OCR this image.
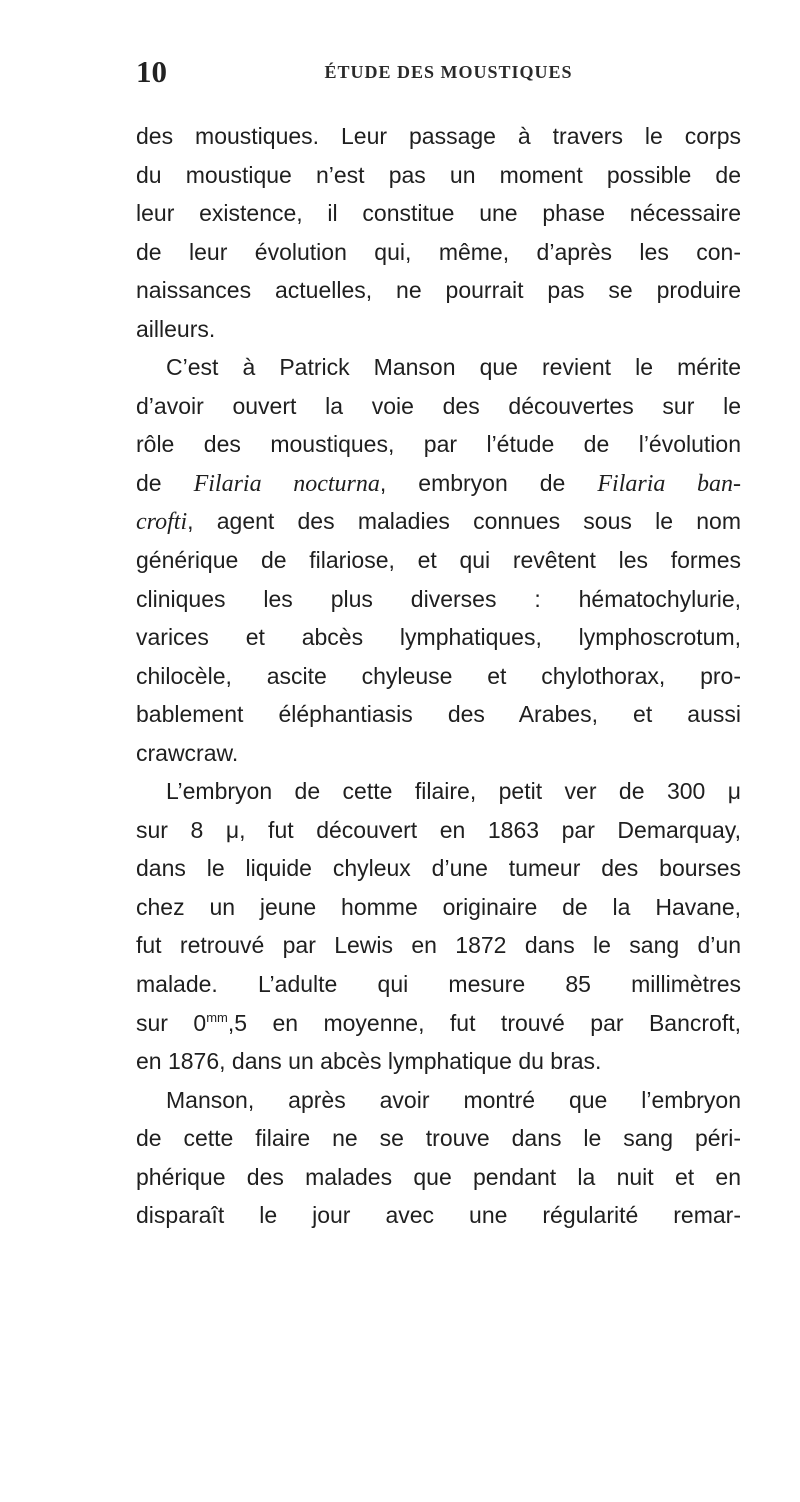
10	ÉTUDE DES MOUSTIQUES
des moustiques. Leur passage à travers le corps
du moustique n’est pas un moment possible de
leur existence, il constitue une phase nécessaire
de leur évolution qui, même, d’après les con-
naissances actuelles, ne pourrait pas se produire
ailleurs.
C’est à Patrick Manson que revient le mérite
d’avoir ouvert la voie des découvertes sur le
rôle des moustiques, par l’étude de l’évolution
de Filaria nocturna, embryon de Filaria ban-
crofti, agent des maladies connues sous le nom
générique de filariose, et qui revêtent les formes
cliniques les plus diverses : hématochylurie,
varices et abcès lymphatiques, lymphoscrotum,
chilocèle, ascite chyleuse et chylothorax, pro-
bablement éléphantiasis des Arabes, et aussi
crawcraw.
L’embryon de cette filaire, petit ver de 300 μ
sur 8 μ, fut découvert en 1863 par Demarquay,
dans le liquide chyleux d’une tumeur des bourses
chez un jeune homme originaire de la Havane,
fut retrouvé par Lewis en 1872 dans le sang d’un
malade. L’adulte qui mesure 85 millimètres
sur $0^{mm},5$ en moyenne, fut trouvé par Bancroft,
en 1876, dans un abcès lymphatique du bras.
Manson, après avoir montré que l’embryon
de cette filaire ne se trouve dans le sang péri-
phérique des malades que pendant la nuit et en
disparaît le jour avec une régularité remar-
